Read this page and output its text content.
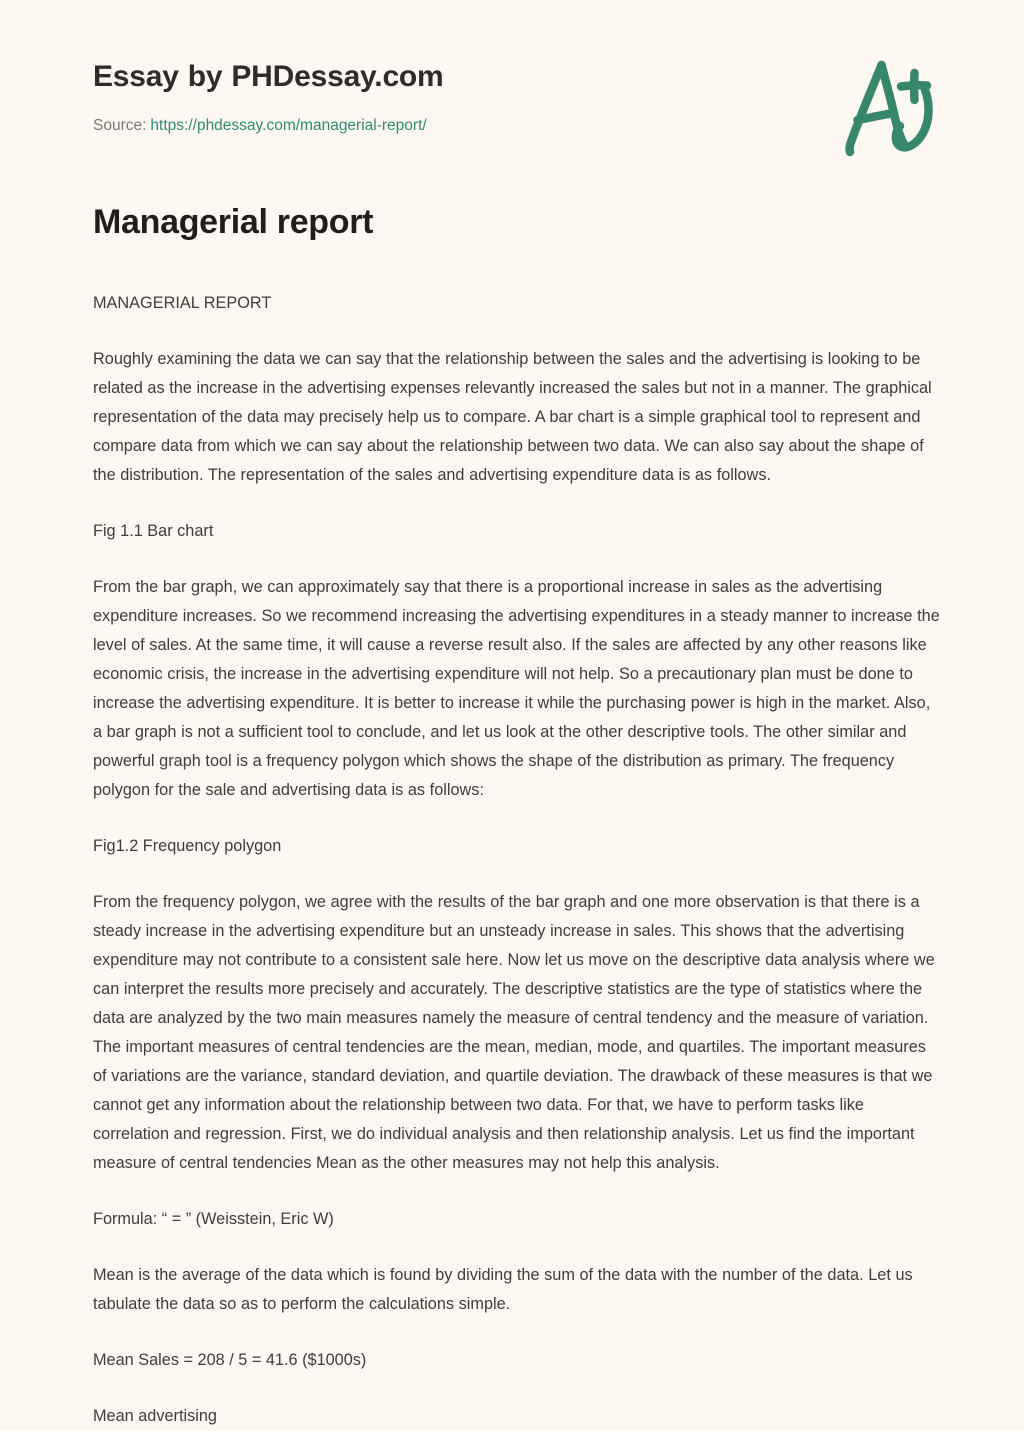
Essay by PHDessay.com
Source: https://phdessay.com/managerial-report/
Managerial report

MANAGERIAL REPORT

Roughly examining the data we can say that the relationship between the sales and the advertising is looking to be related as the increase in the advertising expenses relevantly increased the sales but not in a manner. The graphical representation of the data may precisely help us to compare. A bar chart is a simple graphical tool to represent and compare data from which we can say about the relationship between two data. We can also say about the shape of the distribution. The representation of the sales and advertising expenditure data is as follows.

Fig 1.1 Bar chart

From the bar graph, we can approximately say that there is a proportional increase in sales as the advertising expenditure increases. So we recommend increasing the advertising expenditures in a steady manner to increase the level of sales. At the same time, it will cause a reverse result also. If the sales are affected by any other reasons like economic crisis, the increase in the advertising expenditure will not help. So a precautionary plan must be done to increase the advertising expenditure. It is better to increase it while the purchasing power is high in the market. Also, a bar graph is not a sufficient tool to conclude, and let us look at the other descriptive tools. The other similar and powerful graph tool is a frequency polygon which shows the shape of the distribution as primary. The frequency polygon for the sale and advertising data is as follows:

Fig1.2 Frequency polygon

From the frequency polygon, we agree with the results of the bar graph and one more observation is that there is a steady increase in the advertising expenditure but an unsteady increase in sales. This shows that the advertising expenditure may not contribute to a consistent sale here. Now let us move on the descriptive data analysis where we can interpret the results more precisely and accurately. The descriptive statistics are the type of statistics where the data are analyzed by the two main measures namely the measure of central tendency and the measure of variation. The important measures of central tendencies are the mean, median, mode, and quartiles. The important measures of variations are the variance, standard deviation, and quartile deviation. The drawback of these measures is that we cannot get any information about the relationship between two data. For that, we have to perform tasks like correlation and regression. First, we do individual analysis and then relationship analysis. Let us find the important measure of central tendencies Mean as the other measures may not help this analysis.

Formula: “ = ” (Weisstein, Eric W)

Mean is the average of the data which is found by dividing the sum of the data with the number of the data. Let us tabulate the data so as to perform the calculations simple.

Mean Sales = 208 / 5 = 41.6 ($1000s)

Mean advertising
